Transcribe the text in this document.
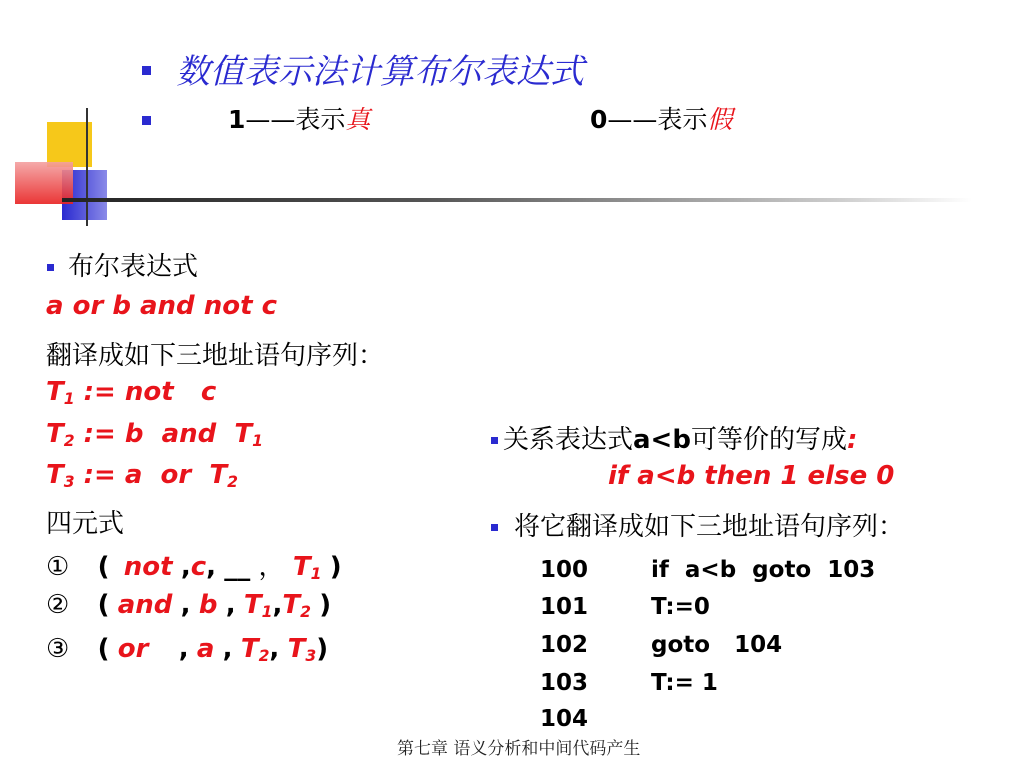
数值表示法计算布尔表达式
1——表示真	0——表示假
布尔表达式
a or b and not c
翻译成如下三地址语句序列：
$T_1$ := not   c
$T_2$ := b  and  $T_1$
$T_3$ := a  or  $T_2$
四元式
① ( not ,c, __ ， $T_1$ )
② ( and , b , $T_1,T_2$ )
③ ( or , a , $T_2$, $T_3$)
关系表达式a<b可等价的写成:
if a<b then 1 else 0
将它翻译成如下三地址语句序列：
100	if  a<b  goto  103
101	T:=0
102	goto   104
103	T:= 1
104
第七章 语义分析和中间代码产生
